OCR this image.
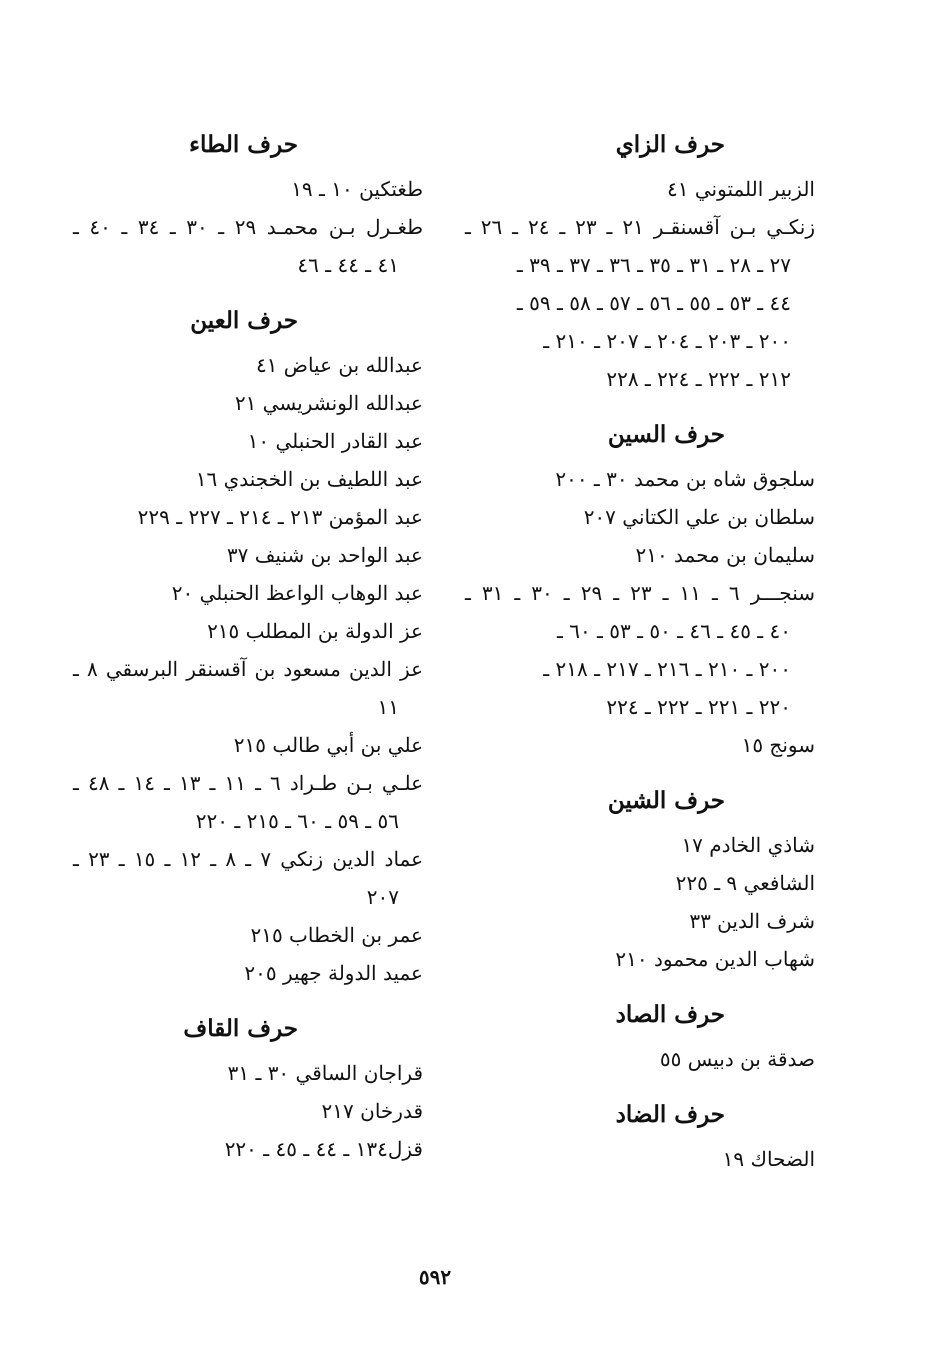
حرف الزاي
الزبير اللمتوني ٤١
زنكـي بـن آقسنقـر ٢١ ـ ٢٣ ـ ٢٤ ـ ٢٦ ـ
٢٧ ـ ٢٨ ـ ٣١ ـ ٣٥ ـ ٣٦ ـ ٣٧ ـ ٣٩ ـ
٤٤ ـ ٥٣ ـ ٥٥ ـ ٥٦ ـ ٥٧ ـ ٥٨ ـ ٥٩ ـ
٢٠٠ ـ ٢٠٣ ـ ٢٠٤ ـ ٢٠٧ ـ ٢١٠ ـ
٢١٢ ـ ٢٢٢ ـ ٢٢٤ ـ ٢٢٨
حرف السين
سلجوق شاه بن محمد ٣٠ ـ ٢٠٠
سلطان بن علي الكتاني ٢٠٧
سليمان بن محمد ٢١٠
سنجـــر ٦ ـ ١١ ـ ٢٣ ـ ٢٩ ـ ٣٠ ـ ٣١ ـ
٤٠ ـ ٤٥ ـ ٤٦ ـ ٥٠ ـ ٥٣ ـ ٦٠ ـ
٢٠٠ ـ ٢١٠ ـ ٢١٦ ـ ٢١٧ ـ ٢١٨ ـ
٢٢٠ ـ ٢٢١ ـ ٢٢٢ ـ ٢٢٤
سونج ١٥
حرف الشين
شاذي الخادم ١٧
الشافعي ٩ ـ ٢٢٥
شرف الدين ٣٣
شهاب الدين محمود ٢١٠
حرف الصاد
صدقة بن دبيس ٥٥
حرف الضاد
الضحاك ١٩
حرف الطاء
طغتكين ١٠ ـ ١٩
طغـرل بـن محمـد ٢٩ ـ ٣٠ ـ ٣٤ ـ ٤٠ ـ
٤١ ـ ٤٤ ـ ٤٦
حرف العين
عبدالله بن عياض ٤١
عبدالله الونشريسي ٢١
عبد القادر الحنبلي ١٠
عبد اللطيف بن الخجندي ١٦
عبد المؤمن ٢١٣ ـ ٢١٤ ـ ٢٢٧ ـ ٢٢٩
عبد الواحد بن شنيف ٣٧
عبد الوهاب الواعظ الحنبلي ٢٠
عز الدولة بن المطلب ٢١٥
عز الدين مسعود بن آقسنقر البرسقي ٨ ـ
١١
علي بن أبي طالب ٢١٥
علـي بـن طـراد ٦ ـ ١١ ـ ١٣ ـ ١٤ ـ ٤٨ ـ
٥٦ ـ ٥٩ ـ ٦٠ ـ ٢١٥ ـ ٢٢٠
عماد الدين زنكي ٧ ـ ٨ ـ ١٢ ـ ١٥ ـ ٢٣ ـ
٢٠٧
عمر بن الخطاب ٢١٥
عميد الدولة جهير ٢٠٥
حرف القاف
قراجان الساقي ٣٠ ـ ٣١
قدرخان ٢١٧
قزل١٣٤ ـ ٤٤ ـ ٤٥ ـ ٢٢٠
٥٩٢
